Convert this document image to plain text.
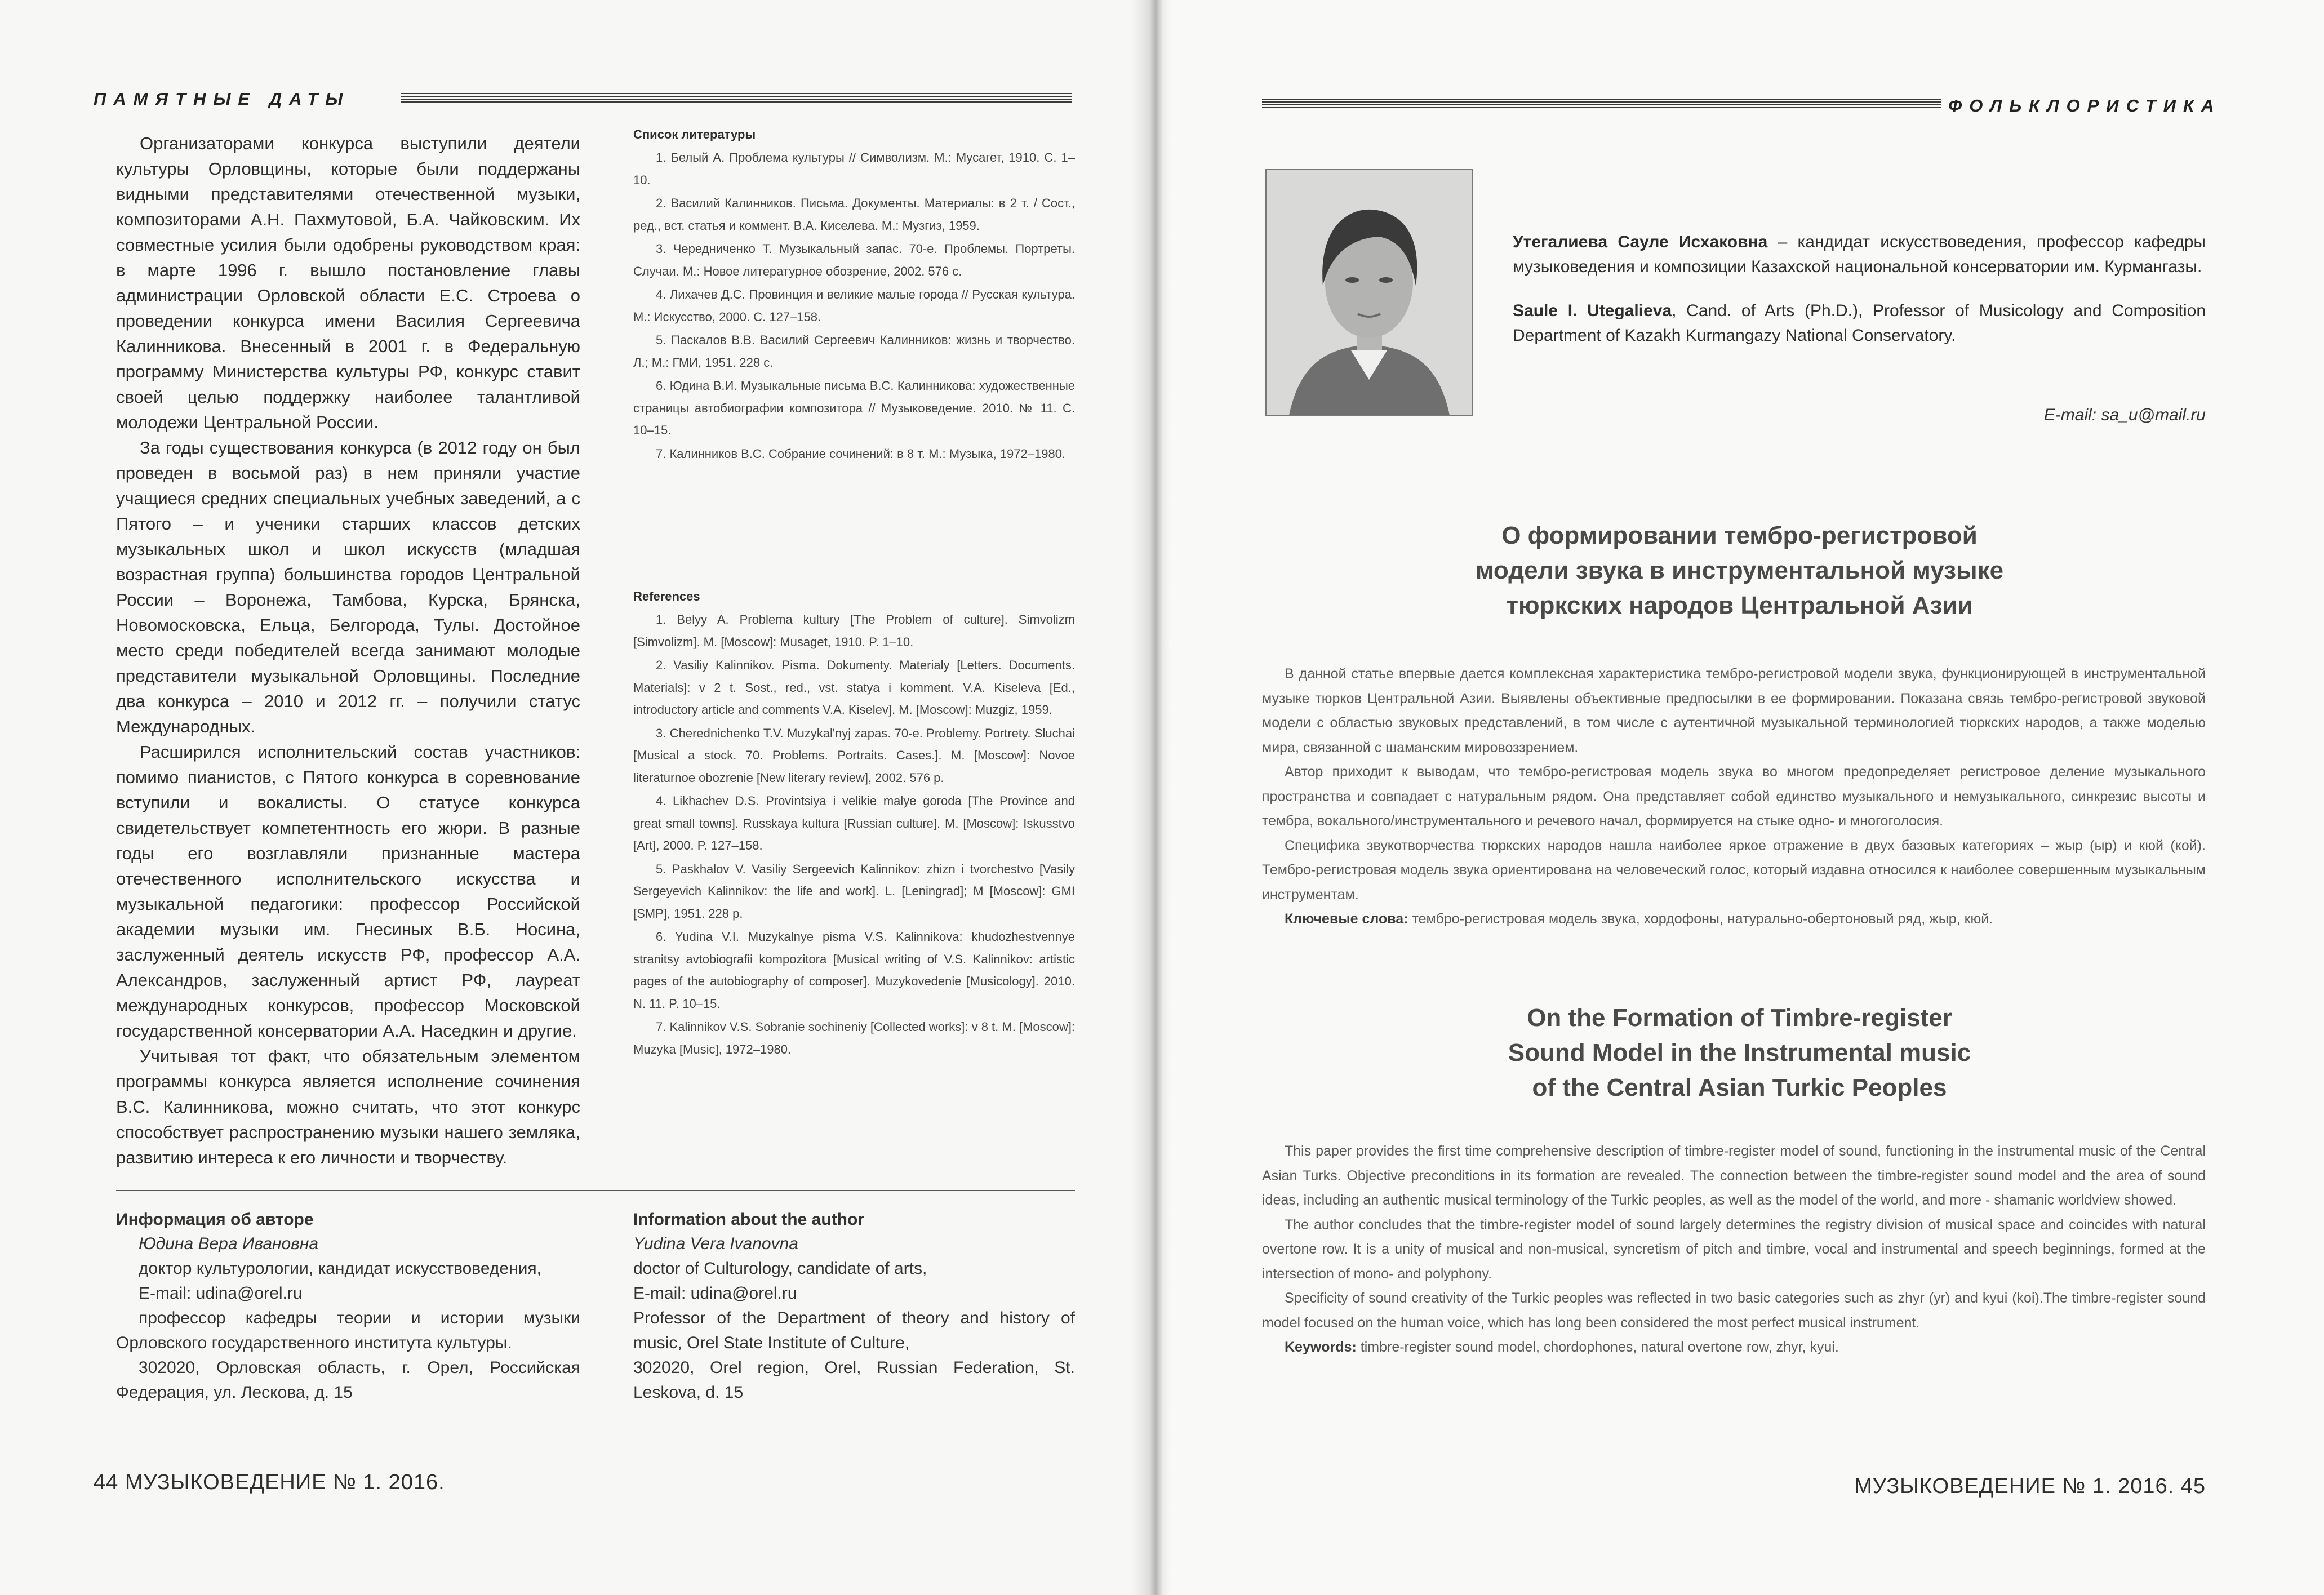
ПАМЯТНЫЕ ДАТЫ

Организаторами конкурса выступили деятели культуры Орловщины, которые были поддержаны видными представителями отечественной музыки, композиторами А.Н. Пахмутовой, Б.А. Чайковским. Их совместные усилия были одобрены руководством края: в марте 1996 г. вышло постановление главы администрации Орловской области Е.С. Строева о проведении конкурса имени Василия Сергеевича Калинникова. Внесенный в 2001 г. в Федеральную программу Министерства культуры РФ, конкурс ставит своей целью поддержку наиболее талантливой молодежи Центральной России.

За годы существования конкурса (в 2012 году он был проведен в восьмой раз) в нем приняли участие учащиеся средних специальных учебных заведений, а с Пятого – и ученики старших классов детских музыкальных школ и школ искусств (младшая возрастная группа) большинства городов Центральной России – Воронежа, Тамбова, Курска, Брянска, Новомосковска, Ельца, Белгорода, Тулы. Достойное место среди победителей всегда занимают молодые представители музыкальной Орловщины. Последние два конкурса – 2010 и 2012 гг. – получили статус Международных.

Расширился исполнительский состав участников: помимо пианистов, с Пятого конкурса в соревнование вступили и вокалисты. О статусе конкурса свидетельствует компетентность его жюри. В разные годы его возглавляли признанные мастера отечественного исполнительского искусства и музыкальной педагогики: профессор Российской академии музыки им. Гнесиных В.Б. Носина, заслуженный деятель искусств РФ, профессор А.А. Александров, заслуженный артист РФ, лауреат международных конкурсов, профессор Московской государственной консерватории А.А. Наседкин и другие.

Учитывая тот факт, что обязательным элементом программы конкурса является исполнение сочинения В.С. Калинникова, можно считать, что этот конкурс способствует распространению музыки нашего земляка, развитию интереса к его личности и творчеству.

Список литературы
1. Белый А. Проблема культуры // Символизм. М.: Мусагет, 1910. С. 1–10.
2. Василий Калинников. Письма. Документы. Материалы: в 2 т. / Сост., ред., вст. статья и коммент. В.А. Киселева. М.: Музгиз, 1959.
3. Чередниченко Т. Музыкальный запас. 70-е. Проблемы. Портреты. Случаи. М.: Новое литературное обозрение, 2002. 576 с.
4. Лихачев Д.С. Провинция и великие малые города // Русская культура. М.: Искусство, 2000. С. 127–158.
5. Паскалов В.В. Василий Сергеевич Калинников: жизнь и творчество. Л.; М.: ГМИ, 1951. 228 с.
6. Юдина В.И. Музыкальные письма В.С. Калинникова: художественные страницы автобиографии композитора // Музыковедение. 2010. № 11. С. 10–15.
7. Калинников В.С. Собрание сочинений: в 8 т. М.: Музыка, 1972–1980.
References
1. Belyy A. Problema kultury [The Problem of culture]. Simvolizm [Simvolizm]. M. [Moscow]: Musaget, 1910. P. 1–10.
2. Vasiliy Kalinnikov. Pisma. Dokumenty. Materialy [Letters. Documents. Materials]: v 2 t. Sost., red., vst. statya i komment. V.A. Kiseleva [Ed., introductory article and comments V.A. Kiselev]. M. [Moscow]: Muzgiz, 1959.
3. Cherednichenko T.V. Muzykal'nyj zapas. 70-e. Problemy. Portrety. Sluchai [Musical a stock. 70. Problems. Portraits. Cases.]. M. [Moscow]: Novoe literaturnoe obozrenie [New literary review], 2002. 576 p.
4. Likhachev D.S. Provintsiya i velikie malye goroda [The Province and great small towns]. Russkaya kultura [Russian culture]. M. [Moscow]: Iskusstvo [Art], 2000. P. 127–158.
5. Paskhalov V. Vasiliy Sergeevich Kalinnikov: zhizn i tvorchestvo [Vasily Sergeyevich Kalinnikov: the life and work]. L. [Leningrad]; M [Moscow]: GMI [SMP], 1951. 228 p.
6. Yudina V.I. Muzykalnye pisma V.S. Kalinnikova: khudozhestvennye stranitsy avtobiografii kompozitora [Musical writing of V.S. Kalinnikov: artistic pages of the autobiography of composer]. Muzykovedenie [Musicology]. 2010. N. 11. P. 10–15.
7. Kalinnikov V.S. Sobranie sochineniy [Collected works]: v 8 t. M. [Moscow]: Muzyka [Music], 1972–1980.
Информация об авторе

Юдина Вера Ивановна

доктор культурологии, кандидат искусствоведения,

E-mail: udina@orel.ru

профессор кафедры теории и истории музыки Орловского государственного института культуры.

302020, Орловская область, г. Орел, Российская Федерация, ул. Лескова, д. 15

Information about the author

Yudina Vera Ivanovna

doctor of Culturology, candidate of arts,

E-mail: udina@orel.ru

Professor of the Department of theory and history of music, Orel State Institute of Culture,

302020, Orel region, Orel, Russian Federation, St. Leskova, d. 15

44 МУЗЫКОВЕДЕНИЕ № 1. 2016.
ФОЛЬКЛОРИСТИКА

Утегалиева Сауле Исхаковна – кандидат искусствоведения, профессор кафедры музыковедения и композиции Казахской национальной консерватории им. Курмангазы.

Saule I. Utegalieva, Cand. of Arts (Ph.D.), Professor of Musicology and Composition Department of Kazakh Kurmangazy National Conservatory.

E-mail: sa_u@mail.ru
О формировании тембро-регистровой
модели звука в инструментальной музыке
тюркских народов Центральной Азии

В данной статье впервые дается комплексная характеристика тембро-регистровой модели звука, функционирующей в инструментальной музыке тюрков Центральной Азии. Выявлены объективные предпосылки в ее формировании. Показана связь тембро-регистровой звуковой модели с областью звуковых представлений, в том числе с аутентичной музыкальной терминологией тюркских народов, а также моделью мира, связанной с шаманским мировоззрением.

Автор приходит к выводам, что тембро-регистровая модель звука во многом предопределяет регистровое деление музыкального пространства и совпадает с натуральным рядом. Она представляет собой единство музыкального и немузыкального, синкрезис высоты и тембра, вокального/инструментального и речевого начал, формируется на стыке одно- и многоголосия.

Специфика звукотворчества тюркских народов нашла наиболее яркое отражение в двух базовых категориях – жыр (ыр) и кюй (кой). Тембро-регистровая модель звука ориентирована на человеческий голос, который издавна относился к наиболее совершенным музыкальным инструментам.

Ключевые слова: тембро-регистровая модель звука, хордофоны, натурально-обертоновый ряд, жыр, кюй.

On the Formation of Timbre-register
Sound Model in the Instrumental music
of the Central Asian Turkic Peoples

This paper provides the first time comprehensive description of timbre-register model of sound, functioning in the instrumental music of the Central Asian Turks. Objective preconditions in its formation are revealed. The connection between the timbre-register sound model and the area of sound ideas, including an authentic musical terminology of the Turkic peoples, as well as the model of the world, and more - shamanic worldview showed.

The author concludes that the timbre-register model of sound largely determines the registry division of musical space and coincides with natural overtone row. It is a unity of musical and non-musical, syncretism of pitch and timbre, vocal and instrumental and speech beginnings, formed at the intersection of mono- and polyphony.

Specificity of sound creativity of the Turkic peoples was reflected in two basic categories such as zhyr (yr) and kyui (koi).The timbre-register sound model focused on the human voice, which has long been considered the most perfect musical instrument.

Keywords: timbre-register sound model, chordophones, natural overtone row, zhyr, kyui.

МУЗЫКОВЕДЕНИЕ № 1. 2016. 45
